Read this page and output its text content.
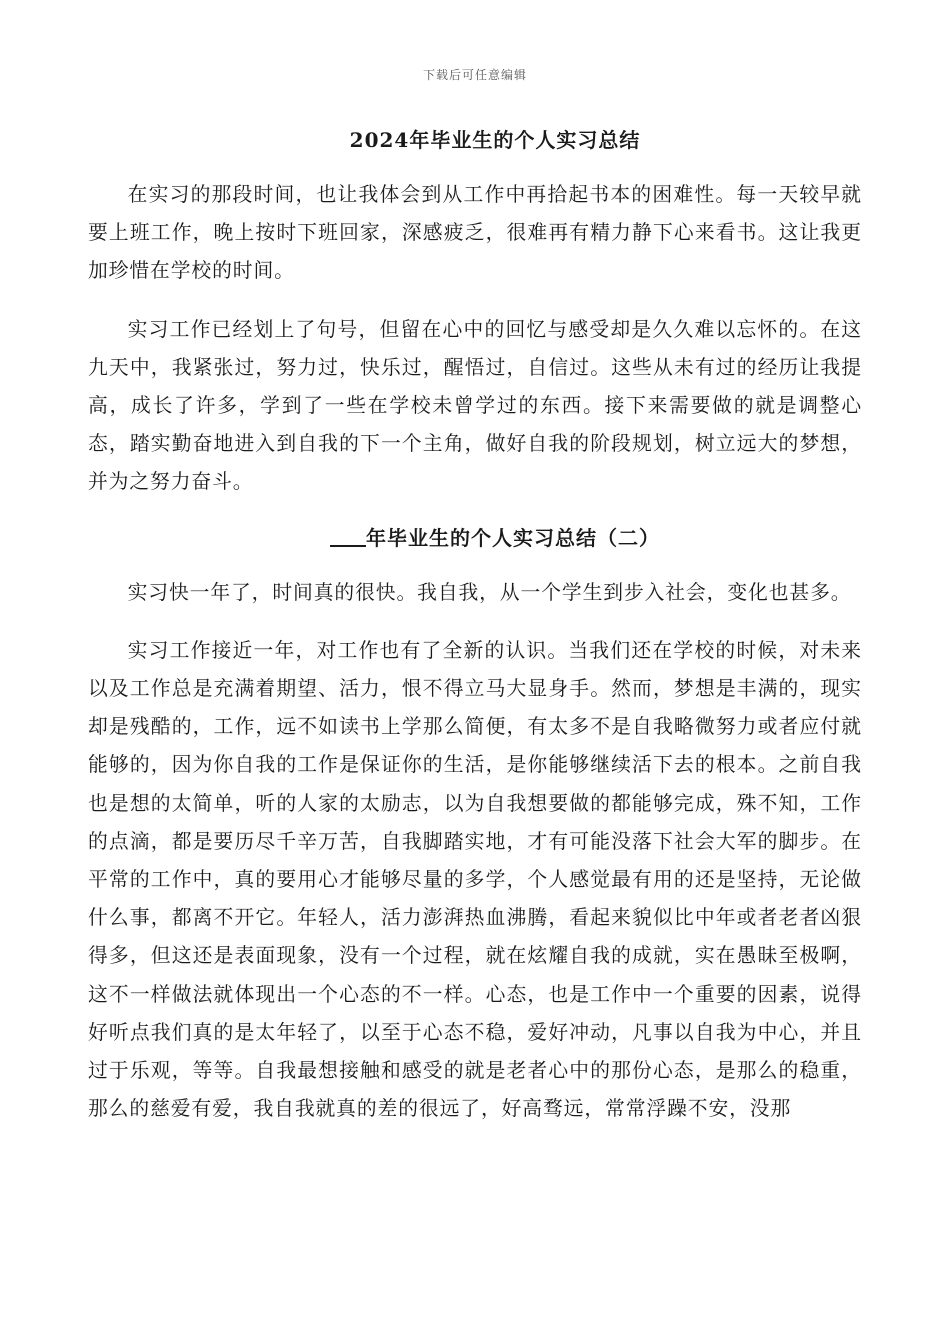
下载后可任意编辑
2024年毕业生的个人实习总结

在实习的那段时间，也让我体会到从工作中再拾起书本的困难性。每一天较早就要上班工作，晚上按时下班回家，深感疲乏，很难再有精力静下心来看书。这让我更加珍惜在学校的时间。

实习工作已经划上了句号，但留在心中的回忆与感受却是久久难以忘怀的。在这九天中，我紧张过，努力过，快乐过，醒悟过，自信过。这些从未有过的经历让我提高，成长了许多，学到了一些在学校未曾学过的东西。接下来需要做的就是调整心态，踏实勤奋地进入到自我的下一个主角，做好自我的阶段规划，树立远大的梦想，并为之努力奋斗。

年毕业生的个人实习总结（二）

实习快一年了，时间真的很快。我自我，从一个学生到步入社会，变化也甚多。

实习工作接近一年，对工作也有了全新的认识。当我们还在学校的时候，对未来以及工作总是充满着期望、活力，恨不得立马大显身手。然而，梦想是丰满的，现实却是残酷的，工作，远不如读书上学那么简便，有太多不是自我略微努力或者应付就能够的，因为你自我的工作是保证你的生活，是你能够继续活下去的根本。之前自我也是想的太简单，听的人家的太励志，以为自我想要做的都能够完成，殊不知，工作的点滴，都是要历尽千辛万苦，自我脚踏实地，才有可能没落下社会大军的脚步。在平常的工作中，真的要用心才能够尽量的多学，个人感觉最有用的还是坚持，无论做什么事，都离不开它。年轻人，活力澎湃热血沸腾，看起来貌似比中年或者老者凶狠得多，但这还是表面现象，没有一个过程，就在炫耀自我的成就，实在愚昧至极啊，这不一样做法就体现出一个心态的不一样。心态，也是工作中一个重要的因素，说得好听点我们真的是太年轻了，以至于心态不稳，爱好冲动，凡事以自我为中心，并且过于乐观，等等。自我最想接触和感受的就是老者心中的那份心态，是那么的稳重，那么的慈爱有爱，我自我就真的差的很远了，好高骛远，常常浮躁不安，没那
